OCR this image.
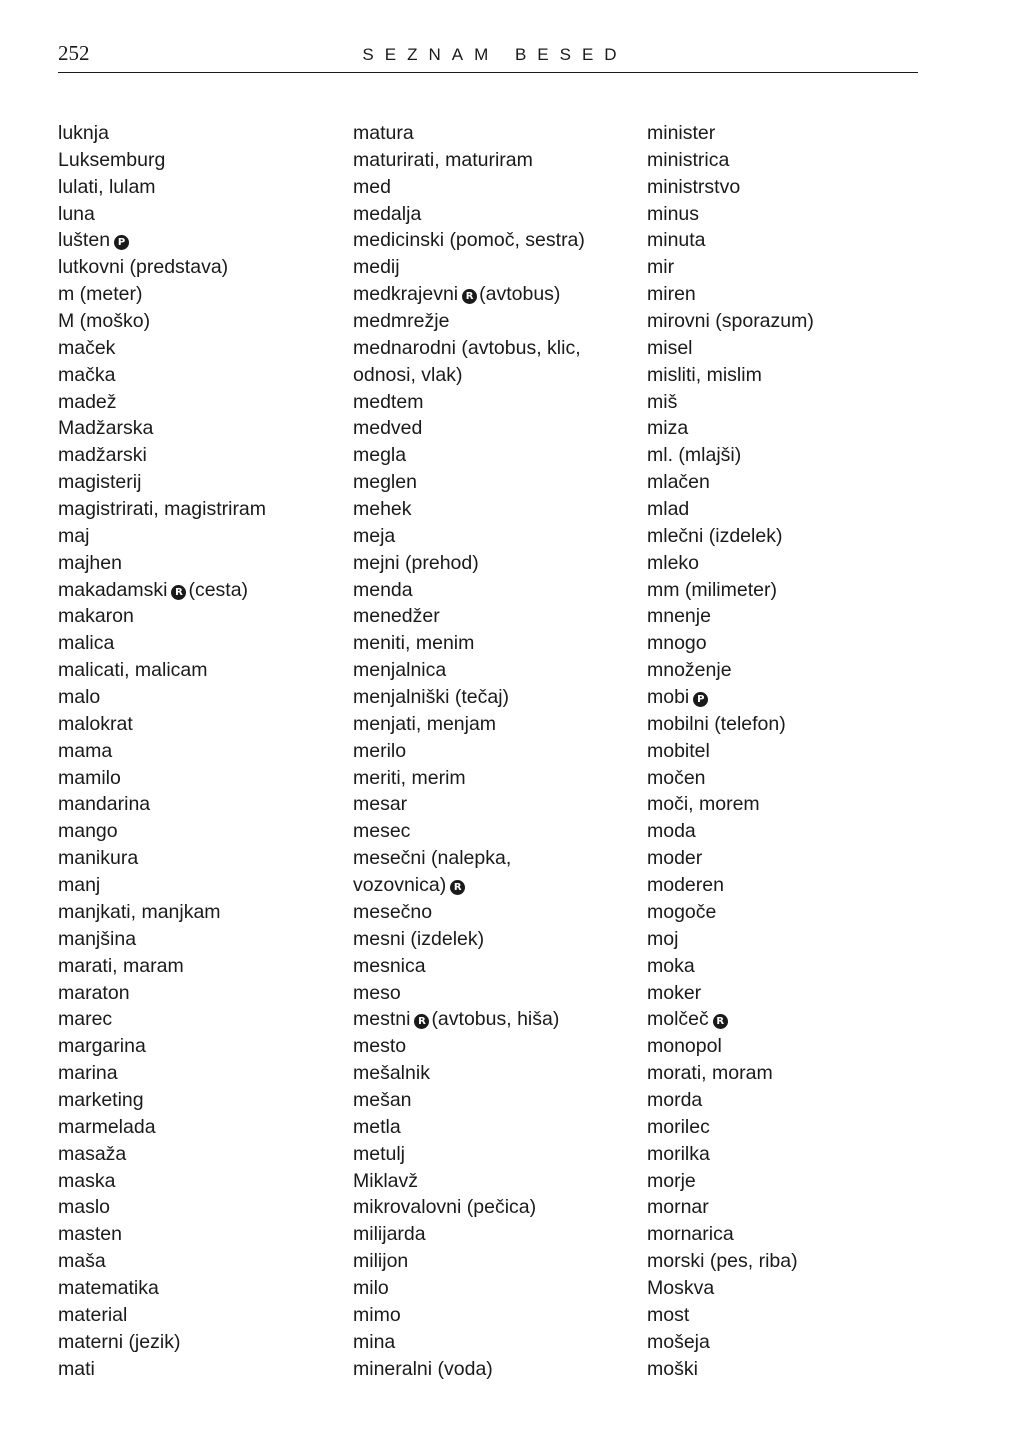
252	SEZNAM BESED
luknja
Luksemburg
lulati, lulam
luna
lušten P
lutkovni (predstava)
m (meter)
M (moško)
maček
mačka
madež
Madžarska
madžarski
magisterij
magistrirati, magistriram
maj
majhen
makadamski R (cesta)
makaron
malica
malicati, malicam
malo
malokrat
mama
mamilo
mandarina
mango
manikura
manj
manjkati, manjkam
manjšina
marati, maram
maraton
marec
margarina
marina
marketing
marmelada
masaža
maska
maslo
masten
maša
matematika
material
materni (jezik)
mati
matura
maturirati, maturiram
med
medalja
medicinski (pomoč, sestra)
medij
medkrajevni R (avtobus)
medmrežje
mednarodni (avtobus, klic,
odnosi, vlak)
medtem
medved
megla
meglen
mehek
meja
mejni (prehod)
menda
menedžer
meniti, menim
menjalnica
menjalniški (tečaj)
menjati, menjam
merilo
meriti, merim
mesar
mesec
mesečni (nalepka,
vozovnica) R
mesečno
mesni (izdelek)
mesnica
meso
mestni R (avtobus, hiša)
mesto
mešalnik
mešan
metla
metulj
Miklavž
mikrovalovni (pečica)
milijarda
milijon
milo
mimo
mina
mineralni (voda)
minister
ministrica
ministrstvo
minus
minuta
mir
miren
mirovni (sporazum)
misel
misliti, mislim
miš
miza
ml. (mlajši)
mlačen
mlad
mlečni (izdelek)
mleko
mm (milimeter)
mnenje
mnogo
množenje
mobi P
mobilni (telefon)
mobitel
močen
moči, morem
moda
moder
moderen
mogoče
moj
moka
moker
molčeč R
monopol
morati, moram
morda
morilec
morilka
morje
mornar
mornarica
morski (pes, riba)
Moskva
most
mošeja
moški
